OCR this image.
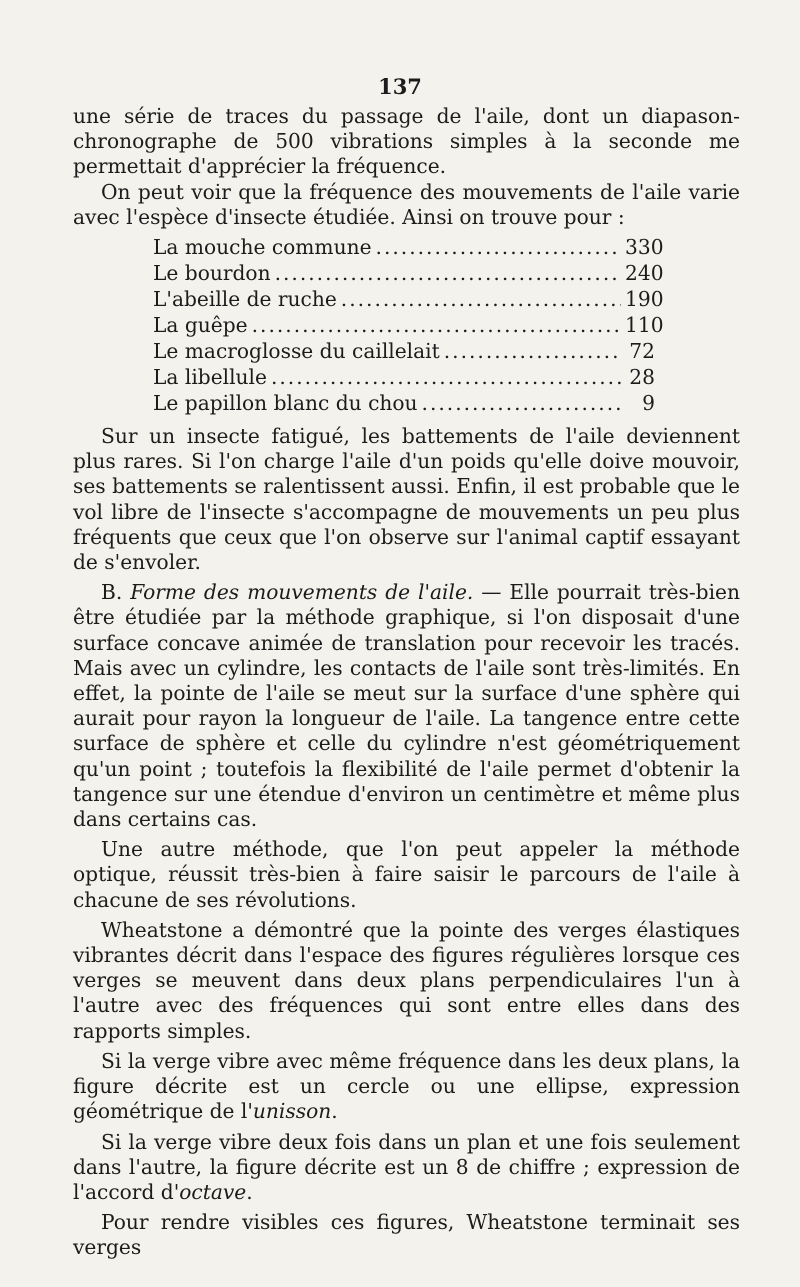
137

une série de traces du passage de l'aile, dont un diapason-chronographe de 500 vibrations simples à la seconde me permettait d'apprécier la fréquence.

On peut voir que la fréquence des mouvements de l'aile varie avec l'espèce d'insecte étudiée. Ainsi on trouve pour :

La mouche commune .....	330
Le bourdon .....	240
L'abeille de ruche .....	190
La guêpe .....	110
Le macroglosse du caillelait .....	72
La libellule .....	28
Le papillon blanc du chou .....	9

Sur un insecte fatigué, les battements de l'aile deviennent plus rares. Si l'on charge l'aile d'un poids qu'elle doive mouvoir, ses battements se ralentissent aussi. Enfin, il est probable que le vol libre de l'insecte s'accompagne de mouvements un peu plus fréquents que ceux que l'on observe sur l'animal captif essayant de s'envoler.

B. Forme des mouvements de l'aile. — Elle pourrait très-bien être étudiée par la méthode graphique, si l'on disposait d'une surface concave animée de translation pour recevoir les tracés. Mais avec un cylindre, les contacts de l'aile sont très-limités. En effet, la pointe de l'aile se meut sur la surface d'une sphère qui aurait pour rayon la longueur de l'aile. La tangence entre cette surface de sphère et celle du cylindre n'est géométriquement qu'un point ; toutefois la flexibilité de l'aile permet d'obtenir la tangence sur une étendue d'environ un centimètre et même plus dans certains cas.

Une autre méthode, que l'on peut appeler la méthode optique, réussit très-bien à faire saisir le parcours de l'aile à chacune de ses révolutions.

Wheatstone a démontré que la pointe des verges élastiques vibrantes décrit dans l'espace des figures régulières lorsque ces verges se meuvent dans deux plans perpendiculaires l'un à l'autre avec des fréquences qui sont entre elles dans des rapports simples.

Si la verge vibre avec même fréquence dans les deux plans, la figure décrite est un cercle ou une ellipse, expression géométrique de l'unisson.

Si la verge vibre deux fois dans un plan et une fois seulement dans l'autre, la figure décrite est un 8 de chiffre ; expression de l'accord d'octave.

Pour rendre visibles ces figures, Wheatstone terminait ses verges
